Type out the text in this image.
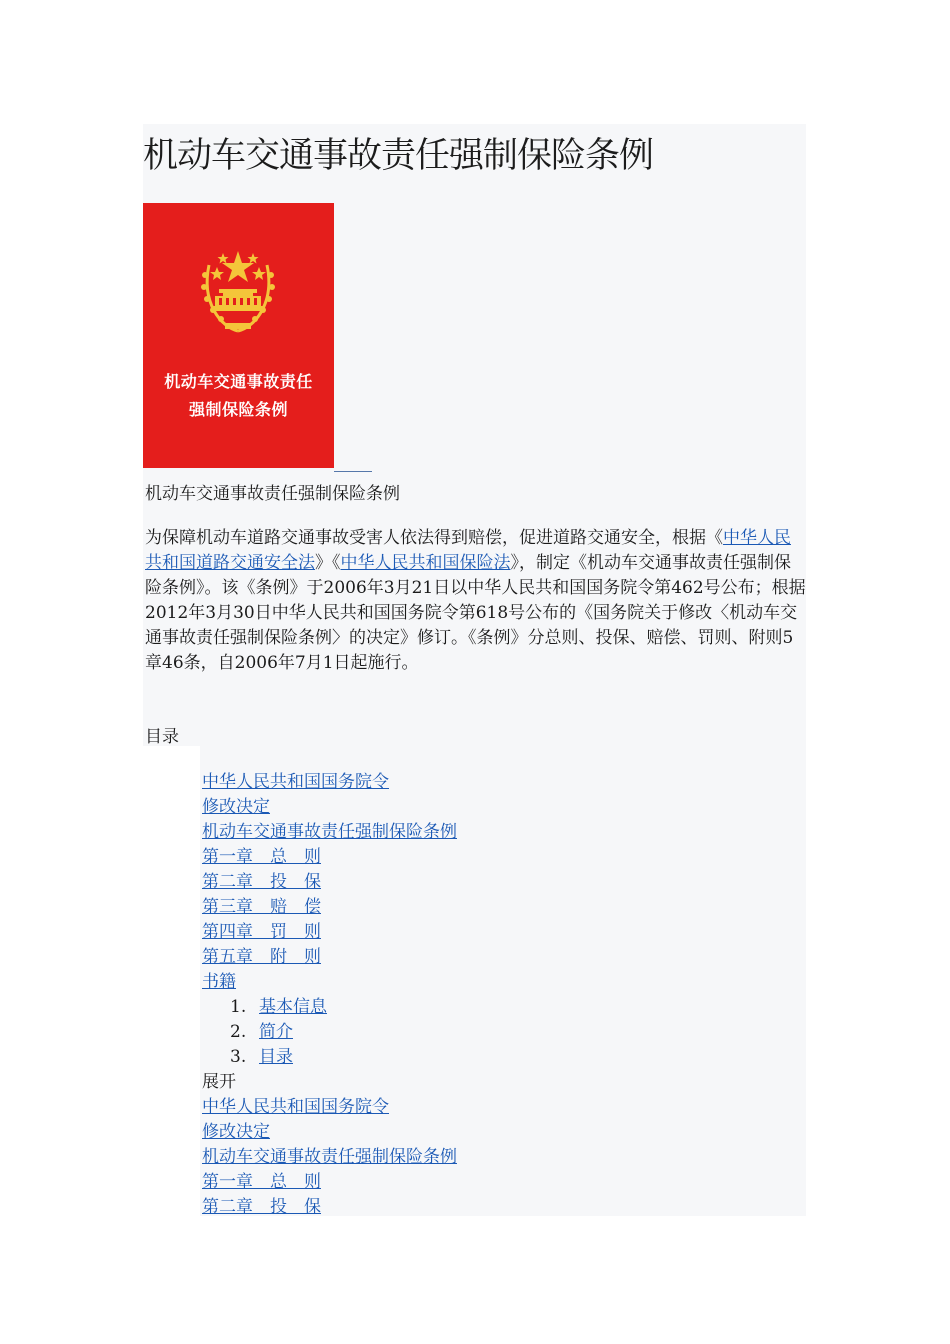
机动车交通事故责任强制保险条例
机动车交通事故责任
强制保险条例
机动车交通事故责任强制保险条例

为保障机动车道路交通事故受害人依法得到赔偿，促进道路交通安全，根据《中华人民共和国道路交通安全法》《中华人民共和国保险法》，制定《机动车交通事故责任强制保险条例》。该《条例》于2006年3月21日以中华人民共和国国务院令第462号公布；根据2012年3月30日中华人民共和国国务院令第618号公布的《国务院关于修改〈机动车交通事故责任强制保险条例〉的决定》修订。《条例》分总则、投保、赔偿、罚则、附则5章46条，自2006年7月1日起施行。

目录
中华人民共和国国务院令
修改决定
机动车交通事故责任强制保险条例
第一章　总　则
第二章　投　保
第三章　赔　偿
第四章　罚　则
第五章　附　则
书籍
1. 基本信息
2. 简介
3. 目录
展开
中华人民共和国国务院令
修改决定
机动车交通事故责任强制保险条例
第一章　总　则
第二章　投　保
